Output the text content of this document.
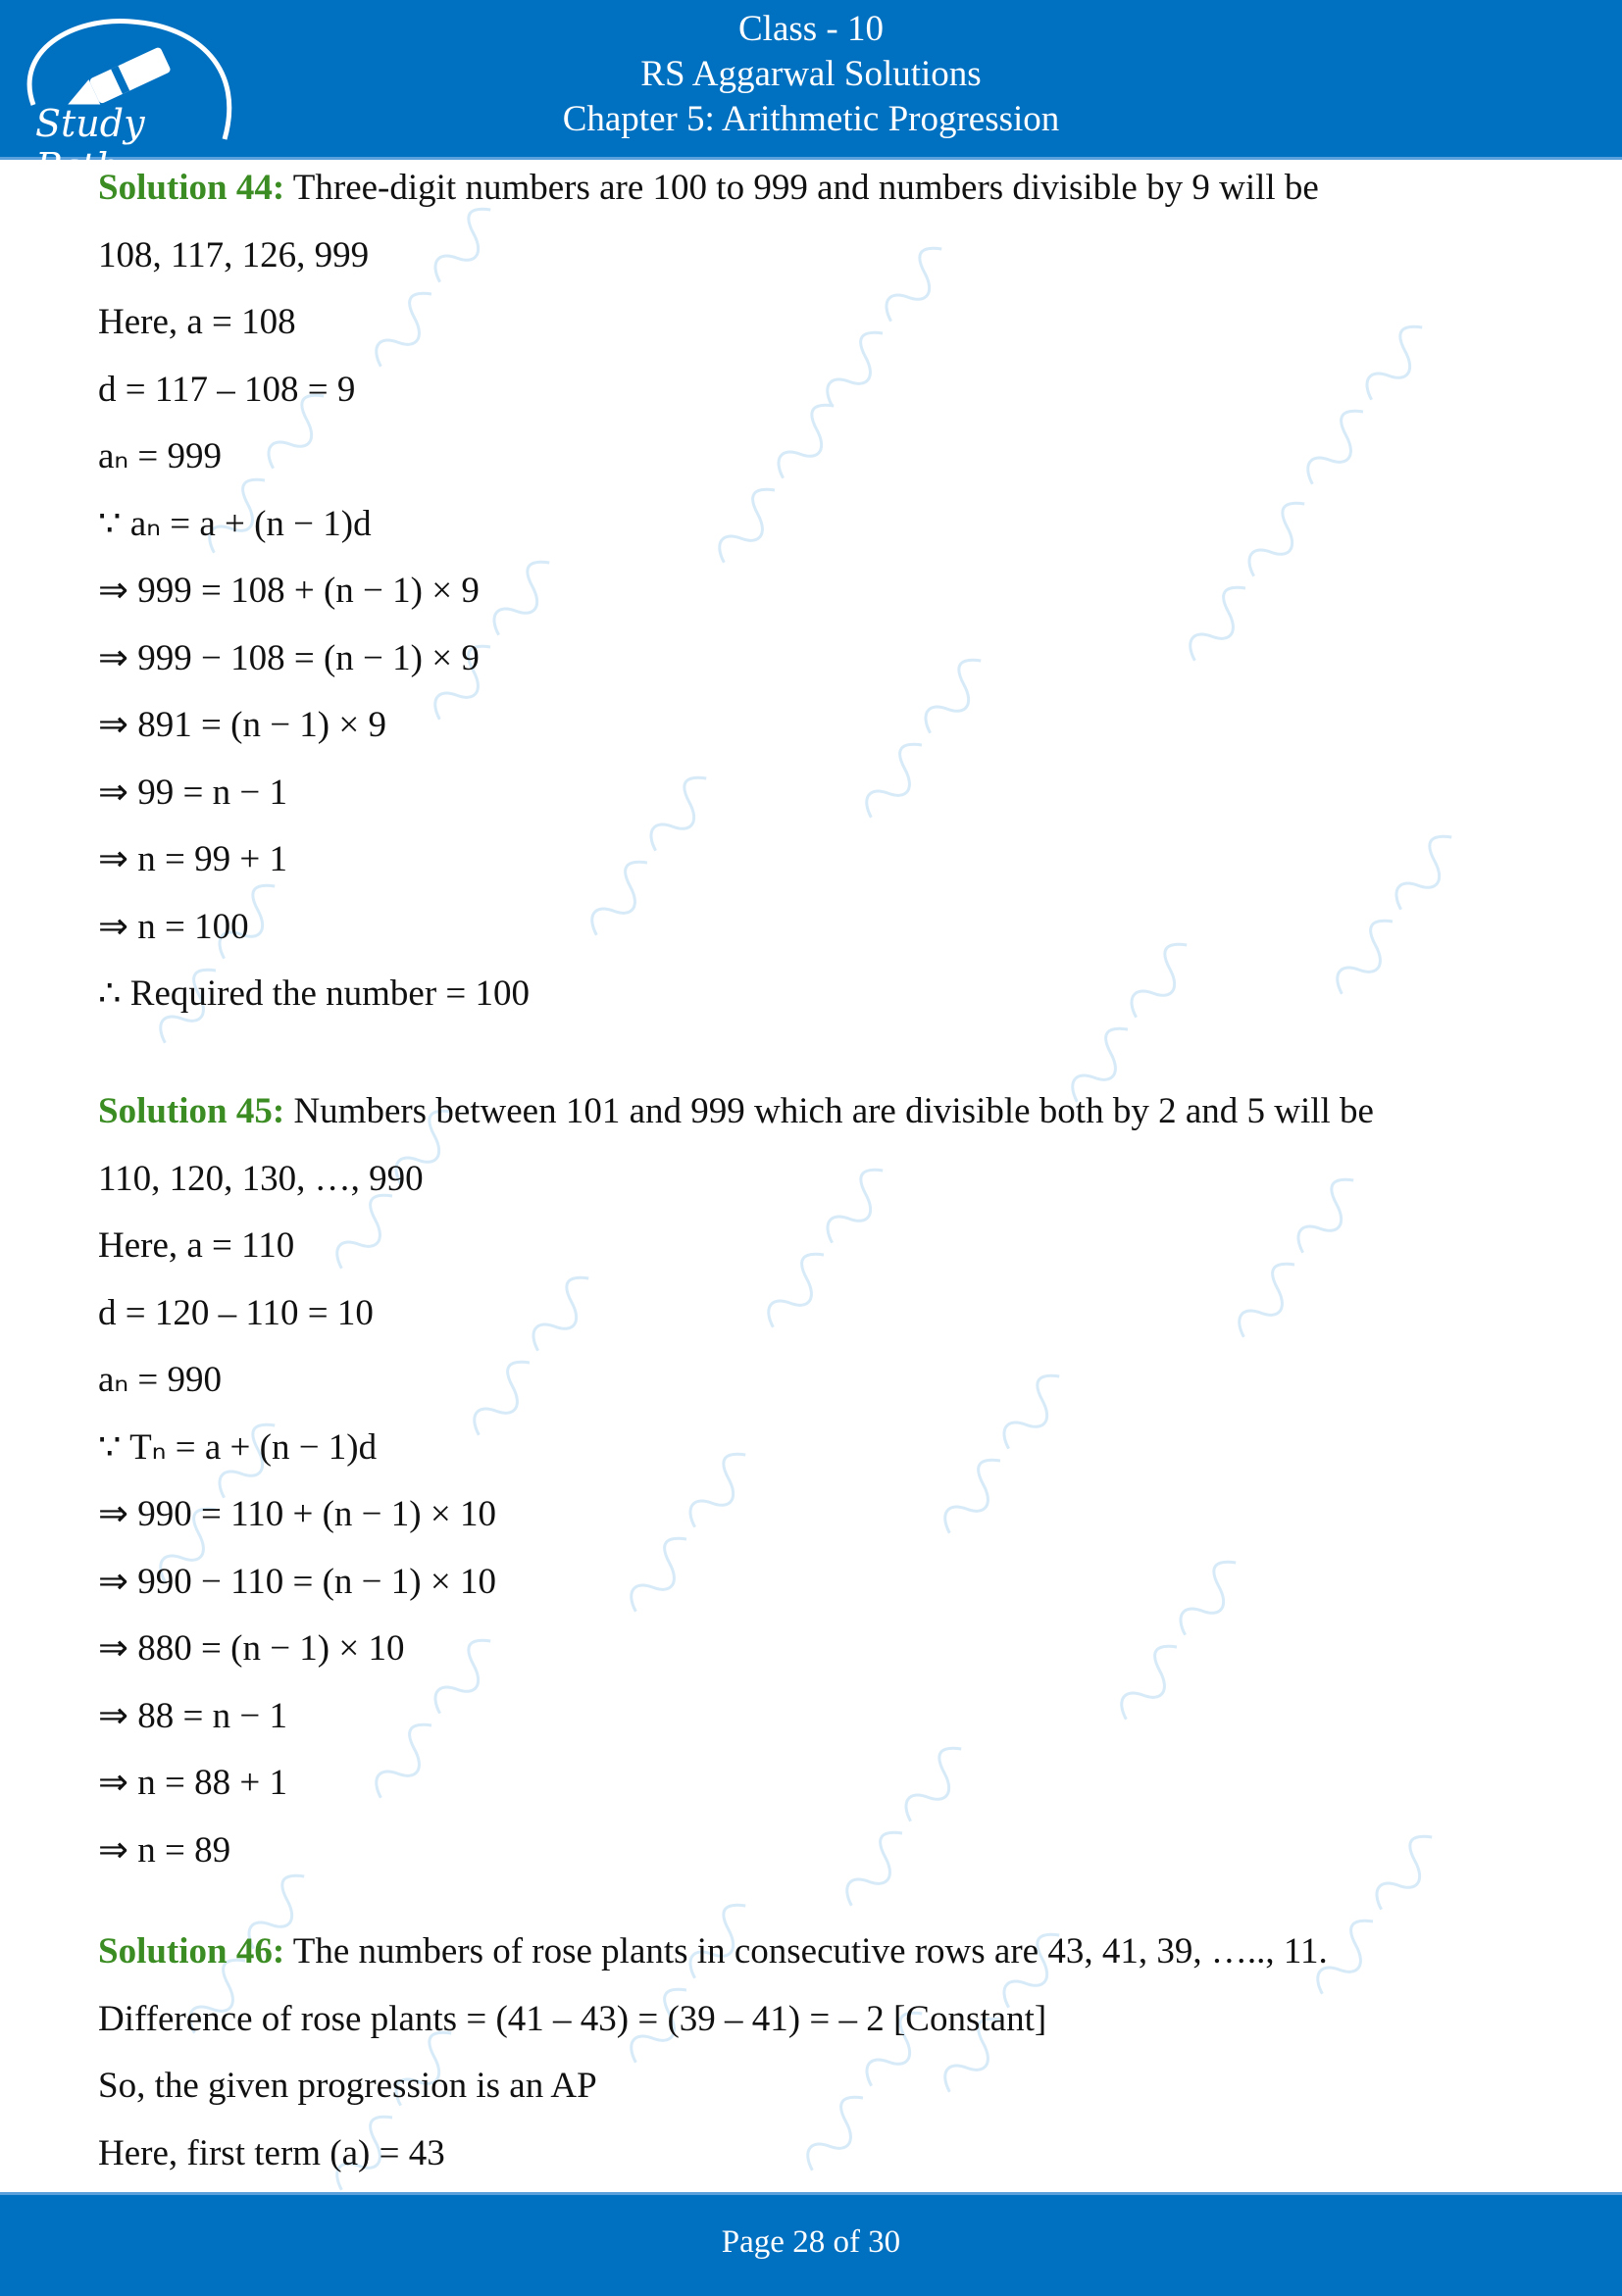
Study Path
Class - 10
RS Aggarwal Solutions
Chapter 5: Arithmetic Progression
Solution 44: Three-digit numbers are 100 to 999 and numbers divisible by 9 will be
108, 117, 126, 999
Here, a = 108
d = 117 – 108 = 9
aₙ = 999
∵ aₙ = a + (n − 1)d
⇒ 999 = 108 + (n − 1) × 9
⇒ 999 − 108 = (n − 1) × 9
⇒ 891 = (n − 1) × 9
⇒ 99 = n − 1
⇒ n = 99 + 1
⇒ n = 100
∴ Required the number = 100
Solution 45: Numbers between 101 and 999 which are divisible both by 2 and 5 will be
110, 120, 130, …, 990
Here, a = 110
d = 120 – 110 = 10
aₙ = 990
∵ Tₙ = a + (n − 1)d
⇒ 990 = 110 + (n − 1) × 10
⇒ 990 − 110 = (n − 1) × 10
⇒ 880 = (n − 1) × 10
⇒ 88 = n − 1
⇒ n = 88 + 1
⇒ n = 89
Solution 46: The numbers of rose plants in consecutive rows are 43, 41, 39, ….., 11.
Difference of rose plants = (41 – 43) = (39 – 41) = – 2 [Constant]
So, the given progression is an AP
Here, first term (a) = 43
Page 28 of 30
